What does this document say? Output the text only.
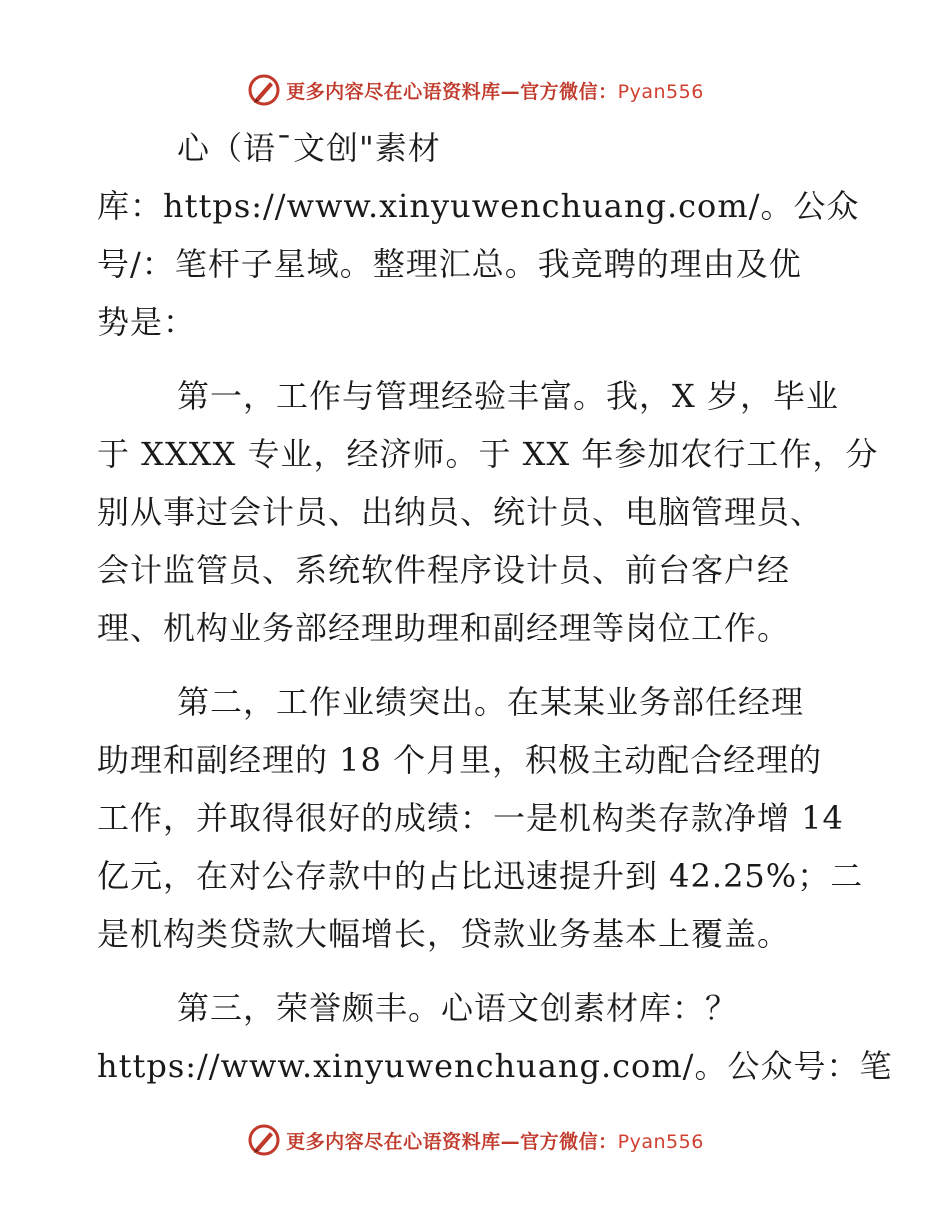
更多内容尽在心语资料库—官方微信：Pyan556
心（语¯文创"素材
库：https://www.xinyuwenchuang.com/。公众
号/：笔杆子星域。整理汇总。我竞聘的理由及优
势是：
第一，工作与管理经验丰富。我，X 岁，毕业
于 XXXX 专业，经济师。于 XX 年参加农行工作，分
别从事过会计员、出纳员、统计员、电脑管理员、
会计监管员、系统软件程序设计员、前台客户经
理、机构业务部经理助理和副经理等岗位工作。
第二，工作业绩突出。在某某业务部任经理
助理和副经理的 18 个月里，积极主动配合经理的
工作，并取得很好的成绩：一是机构类存款净增 14
亿元，在对公存款中的占比迅速提升到 42.25%；二
是机构类贷款大幅增长，贷款业务基本上覆盖。
第三，荣誉颇丰。心语文创素材库：？
https://www.xinyuwenchuang.com/。公众号：笔
更多内容尽在心语资料库—官方微信：Pyan556
